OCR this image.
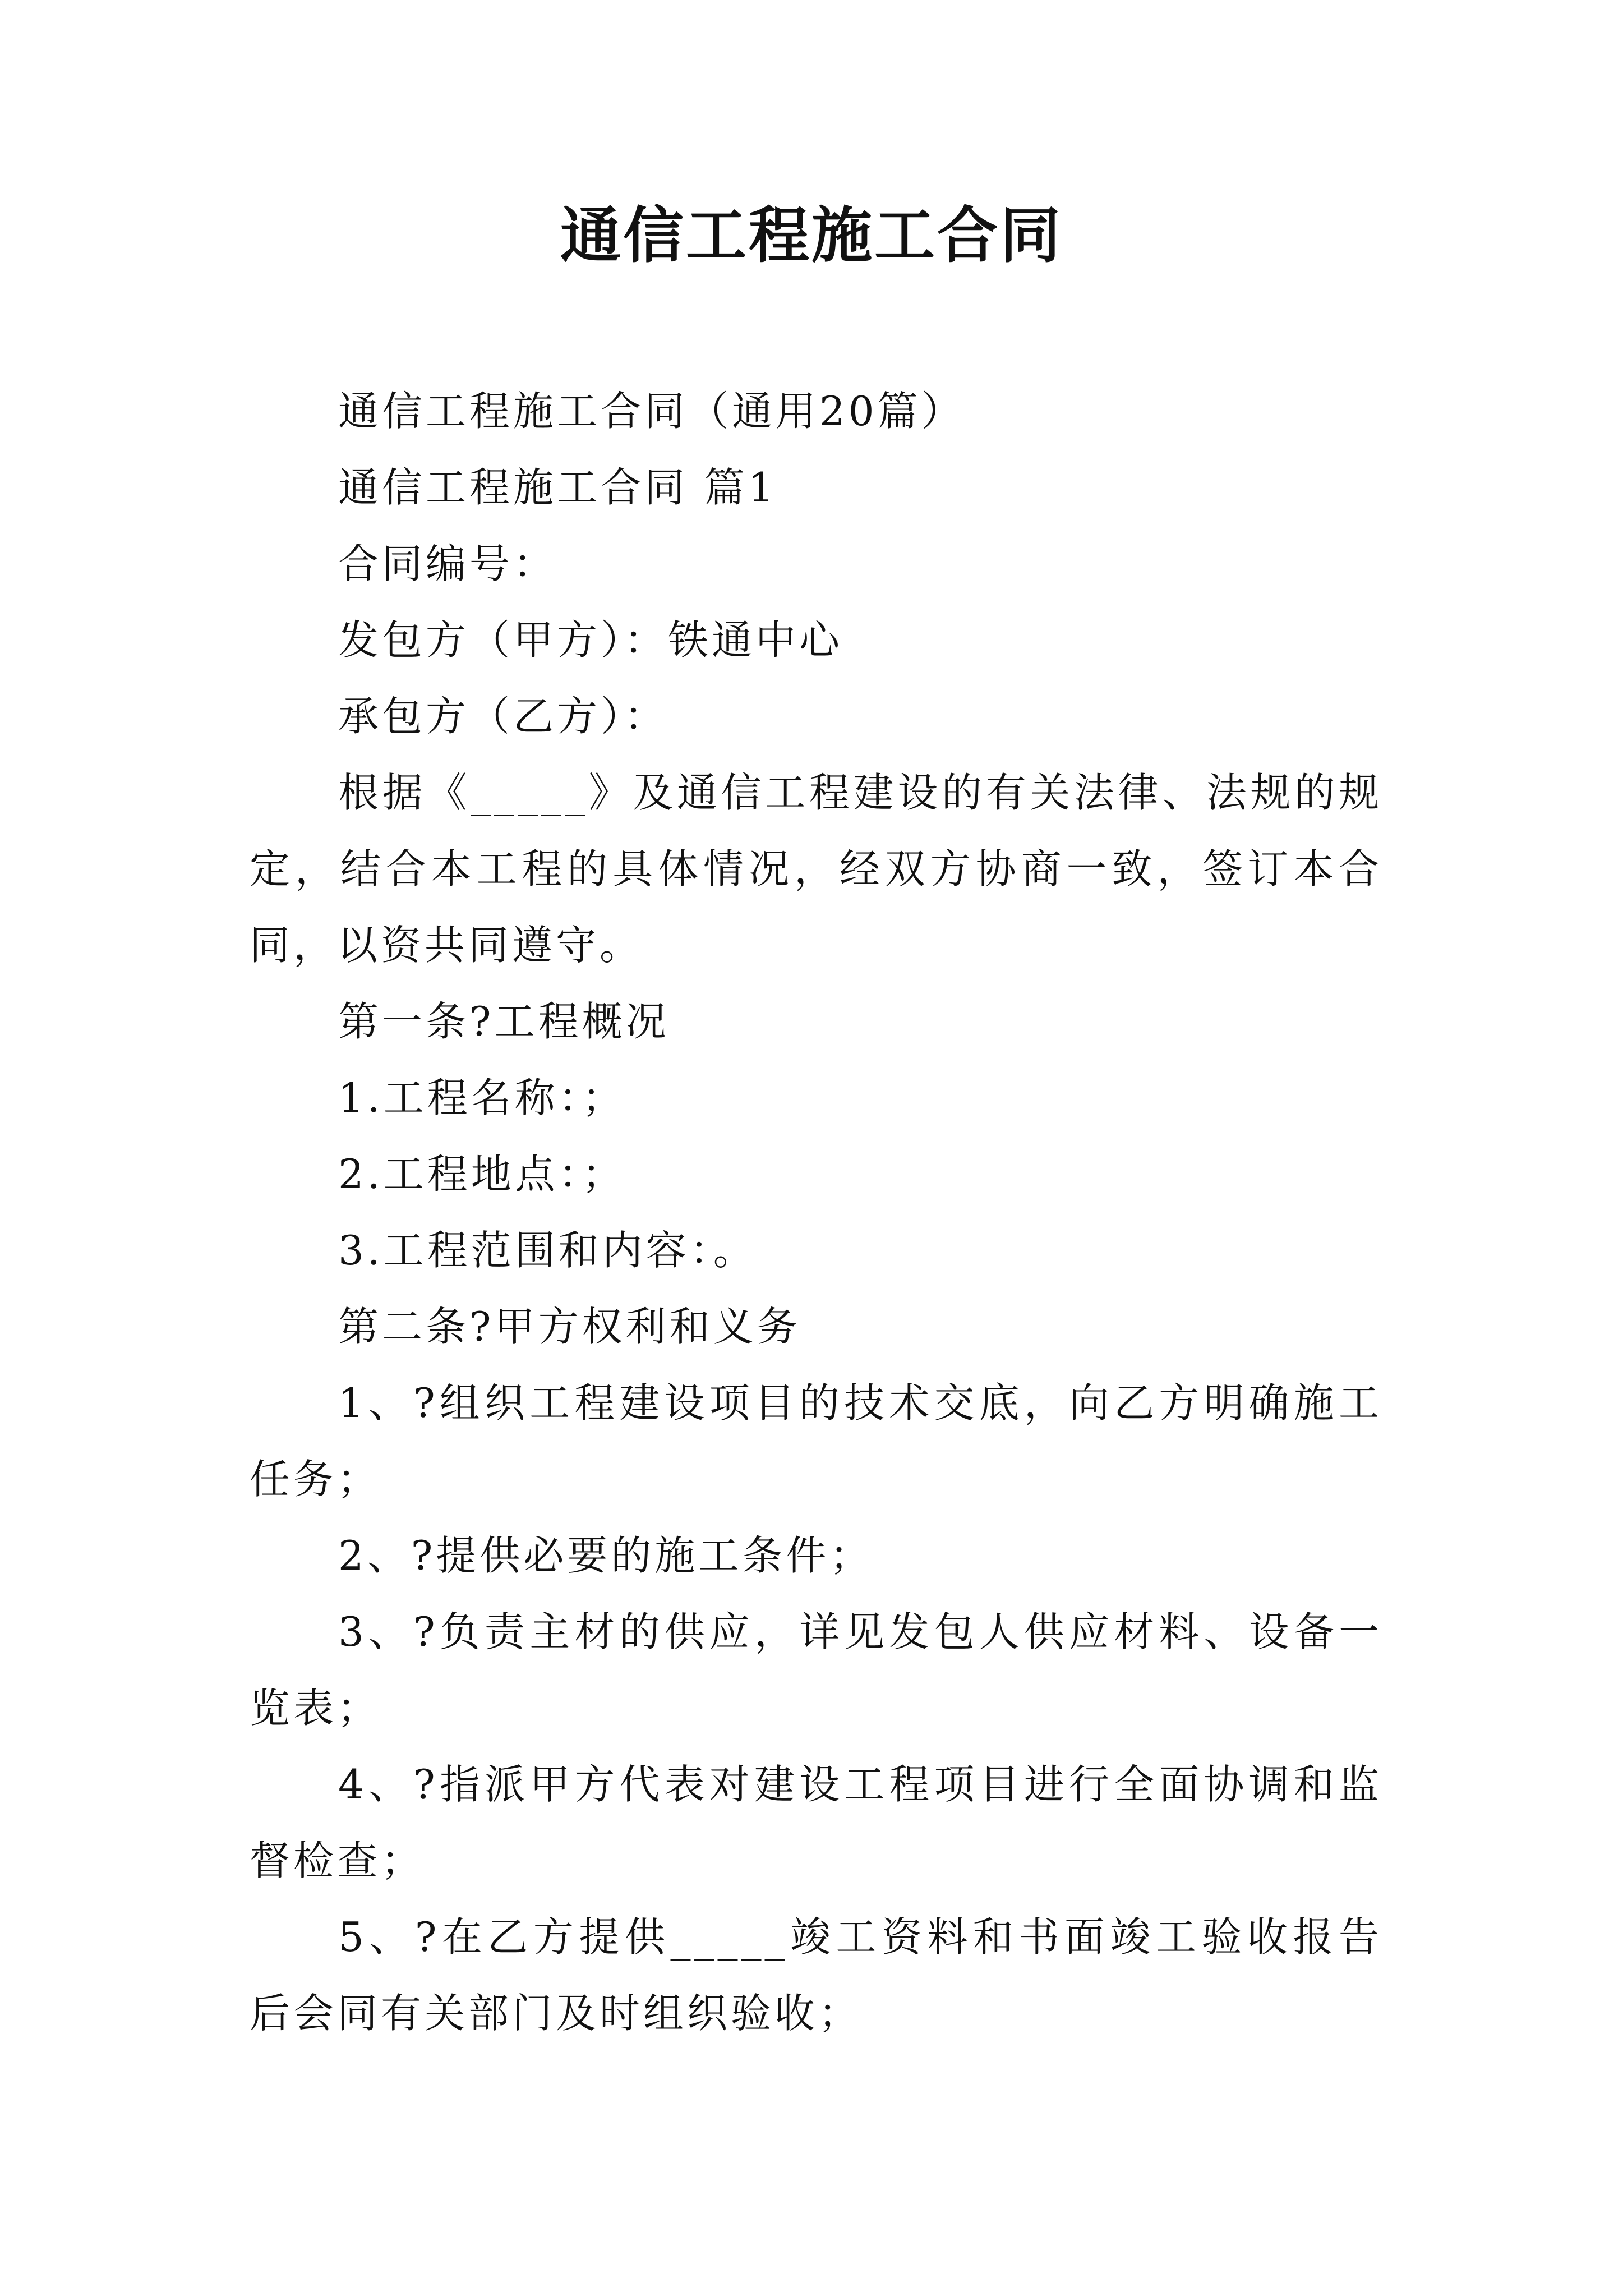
通信工程施工合同

通信工程施工合同（通用20篇）

通信工程施工合同 篇1

合同编号：

发包方（甲方）：铁通中心

承包方（乙方）：

根据《_____》及通信工程建设的有关法律、法规的规定，结合本工程的具体情况，经双方协商一致，签订本合同，以资共同遵守。

第一条?工程概况

1.工程名称：；

2.工程地点：；

3.工程范围和内容：。

第二条?甲方权利和义务

1、?组织工程建设项目的技术交底，向乙方明确施工任务；

2、?提供必要的施工条件；

3、?负责主材的供应，详见发包人供应材料、设备一览表；

4、?指派甲方代表对建设工程项目进行全面协调和监督检查；

5、?在乙方提供_____竣工资料和书面竣工验收报告后会同有关部门及时组织验收；
